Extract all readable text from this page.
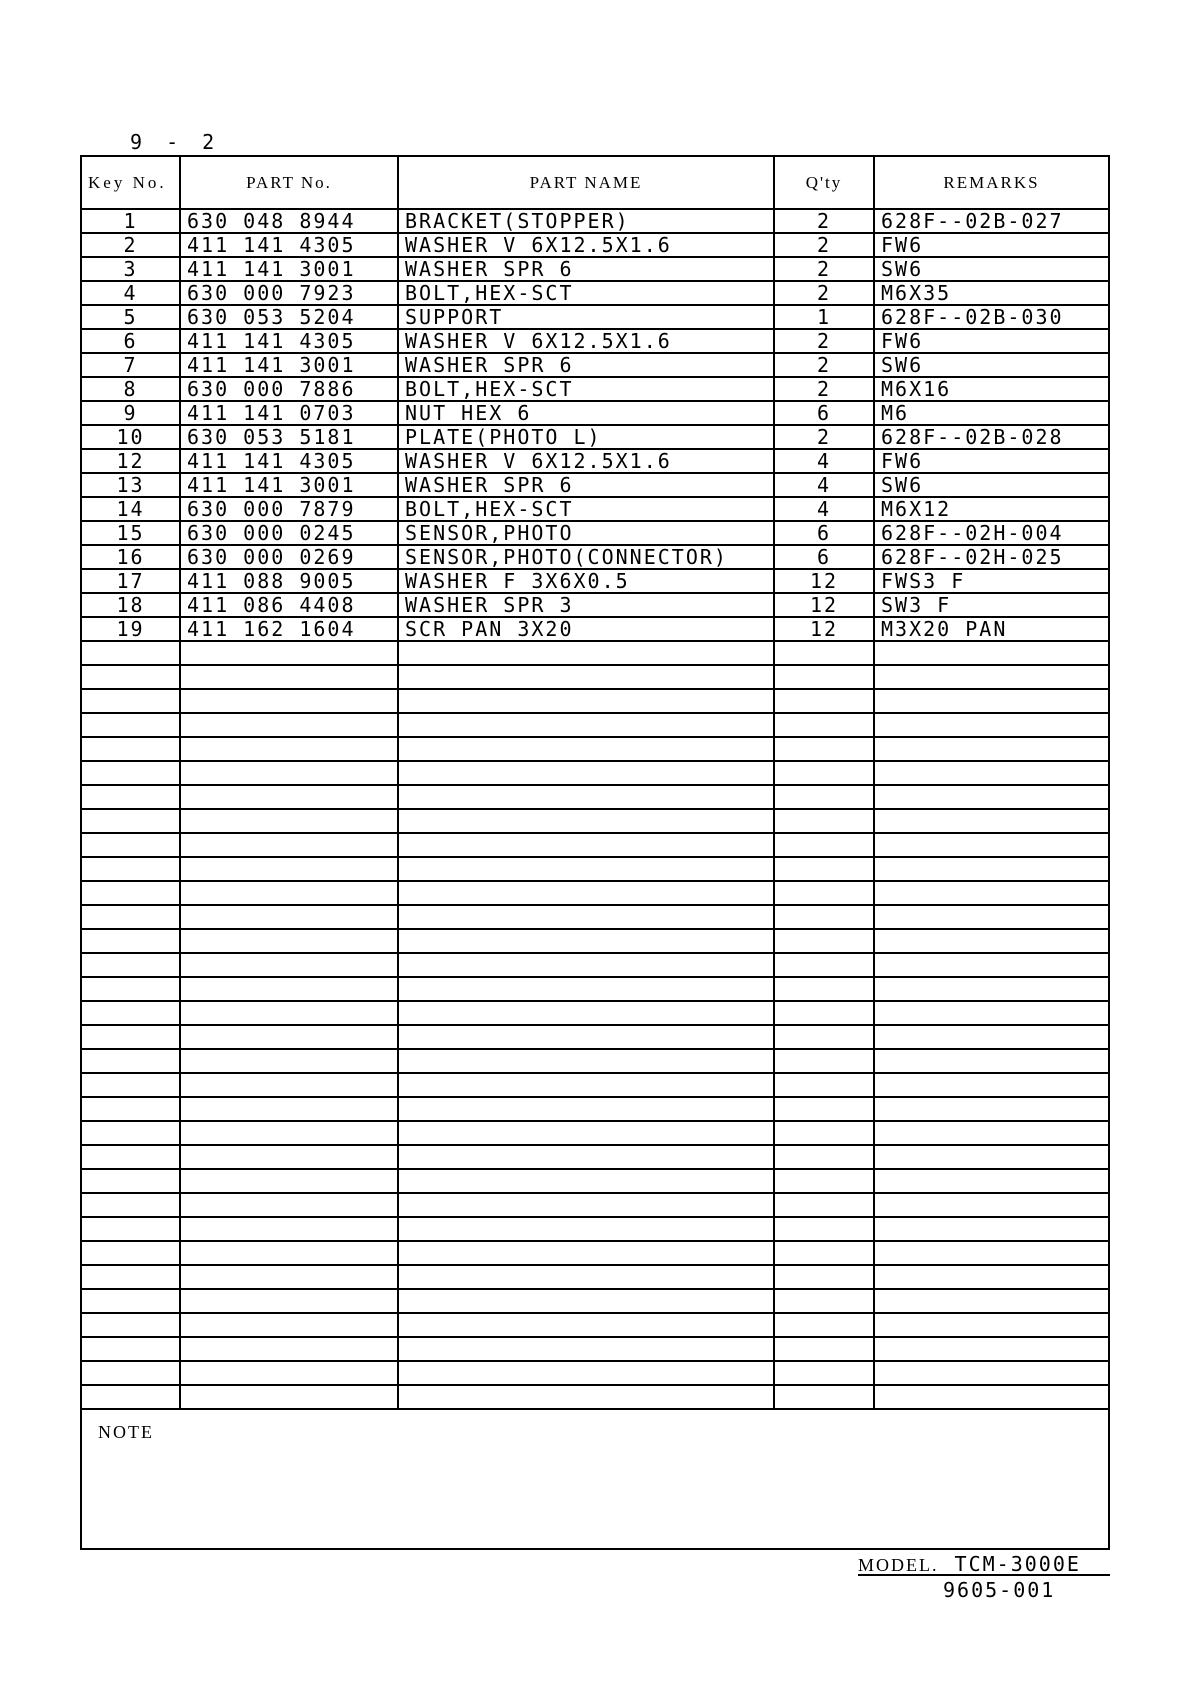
9 - 2
Key No.	PART No.	PART NAME	Q'ty	REMARKS
1	630 048 8944	BRACKET(STOPPER)	2	628F--02B-027
2	411 141 4305	WASHER V 6X12.5X1.6	2	FW6
3	411 141 3001	WASHER SPR 6	2	SW6
4	630 000 7923	BOLT,HEX-SCT	2	M6X35
5	630 053 5204	SUPPORT	1	628F--02B-030
6	411 141 4305	WASHER V 6X12.5X1.6	2	FW6
7	411 141 3001	WASHER SPR 6	2	SW6
8	630 000 7886	BOLT,HEX-SCT	2	M6X16
9	411 141 0703	NUT HEX 6	6	M6
10	630 053 5181	PLATE(PHOTO L)	2	628F--02B-028
12	411 141 4305	WASHER V 6X12.5X1.6	4	FW6
13	411 141 3001	WASHER SPR 6	4	SW6
14	630 000 7879	BOLT,HEX-SCT	4	M6X12
15	630 000 0245	SENSOR,PHOTO	6	628F--02H-004
16	630 000 0269	SENSOR,PHOTO(CONNECTOR)	6	628F--02H-025
17	411 088 9005	WASHER F 3X6X0.5	12	FWS3 F
18	411 086 4408	WASHER SPR 3	12	SW3 F
19	411 162 1604	SCR PAN 3X20	12	M3X20 PAN

NOTE
MODEL. TCM-3000E
9605-001
